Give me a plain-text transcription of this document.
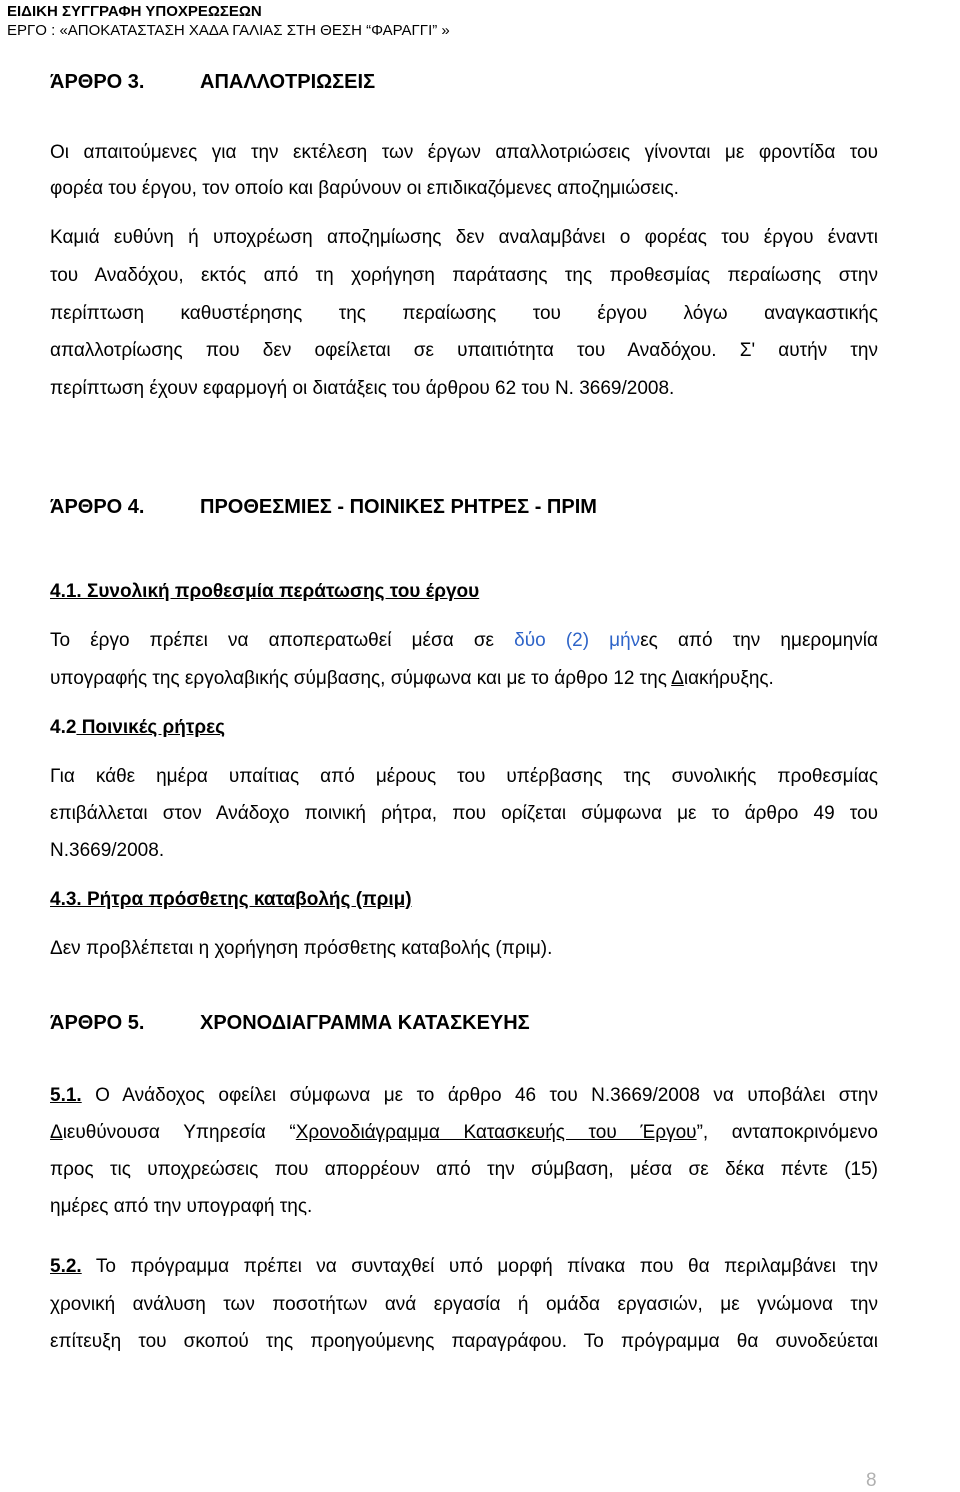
ΕΙΔΙΚΗ ΣΥΓΓΡΑΦΗ ΥΠΟΧΡΕΩΣΕΩΝ
ΕΡΓΟ : «ΑΠΟΚΑΤΑΣΤΑΣΗ ΧΑΔΑ ΓΑΛΙΑΣ ΣΤΗ ΘΕΣΗ “ΦΑΡΑΓΓΙ” »
ΆΡΘΡΟ 3.	ΑΠΑΛΛΟΤΡΙΩΣΕΙΣ
Οι απαιτούμενες για την εκτέλεση των έργων απαλλοτριώσεις γίνονται με φροντίδα του
φορέα του έργου, τον οποίο και βαρύνουν οι επιδικαζόμενες αποζημιώσεις.
Καμιά ευθύνη ή υποχρέωση αποζημίωσης δεν αναλαμβάνει ο φορέας του έργου έναντι
του Αναδόχου, εκτός από τη χορήγηση παράτασης της προθεσμίας περαίωσης στην
περίπτωση καθυστέρησης της περαίωσης του έργου λόγω αναγκαστικής
απαλλοτρίωσης που δεν οφείλεται σε υπαιτιότητα του Αναδόχου. Σ' αυτήν την
περίπτωση έχουν εφαρμογή οι διατάξεις του άρθρου 62 του Ν. 3669/2008.
ΆΡΘΡΟ 4.	ΠΡΟΘΕΣΜΙΕΣ - ΠΟΙΝΙΚΕΣ ΡΗΤΡΕΣ - ΠΡΙΜ
4.1. Συνολική προθεσμία περάτωσης του έργου
Το έργο πρέπει να αποπερατωθεί μέσα σε δύο (2) μήνες από την ημερομηνία
υπογραφής της εργολαβικής σύμβασης, σύμφωνα και με το άρθρο 12 της Διακήρυξης.
4.2 Ποινικές ρήτρες
Για κάθε ημέρα υπαίτιας από μέρους του υπέρβασης της συνολικής προθεσμίας
επιβάλλεται στον Ανάδοχο ποινική ρήτρα, που ορίζεται σύμφωνα με το άρθρο 49 του
Ν.3669/2008.
4.3. Ρήτρα πρόσθετης καταβολής (πριμ)
Δεν προβλέπεται η χορήγηση πρόσθετης καταβολής (πριμ).
ΆΡΘΡΟ 5.	ΧΡΟΝΟΔΙΑΓΡΑΜΜΑ ΚΑΤΑΣΚΕΥΗΣ
5.1. Ο Ανάδοχος οφείλει σύμφωνα με το άρθρο 46 του Ν.3669/2008 να υποβάλει στην
Διευθύνουσα Υπηρεσία “Χρονοδιάγραμμα Κατασκευής του Έργου”, ανταποκρινόμενο
προς τις υποχρεώσεις που απορρέουν από την σύμβαση, μέσα σε δέκα πέντε (15)
ημέρες από την υπογραφή της.
5.2. Το πρόγραμμα πρέπει να συνταχθεί υπό μορφή πίνακα που θα περιλαμβάνει την
χρονική ανάλυση των ποσοτήτων ανά εργασία ή ομάδα εργασιών, με γνώμονα την
επίτευξη του σκοπού της προηγούμενης παραγράφου. Το πρόγραμμα θα συνοδεύεται
8
